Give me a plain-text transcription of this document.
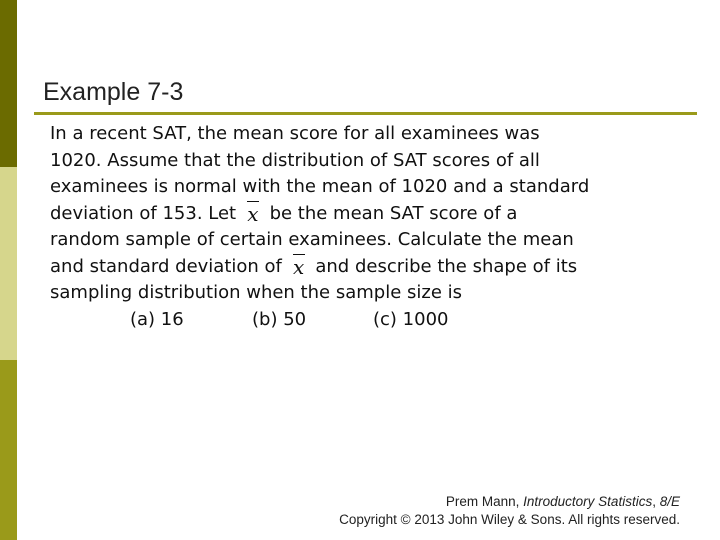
Example 7-3
In a recent SAT, the mean score for all examinees was
1020. Assume that the distribution of SAT scores of all
examinees is normal with the mean of 1020 and a standard
deviation of 153. Let x be the mean SAT score of a
random sample of certain examinees. Calculate the mean
and standard deviation of x and describe the shape of its
sampling distribution when the sample size is
(a) 16	(b) 50	(c) 1000
Prem Mann, Introductory Statistics, 8/E
Copyright © 2013 John Wiley & Sons. All rights reserved.
